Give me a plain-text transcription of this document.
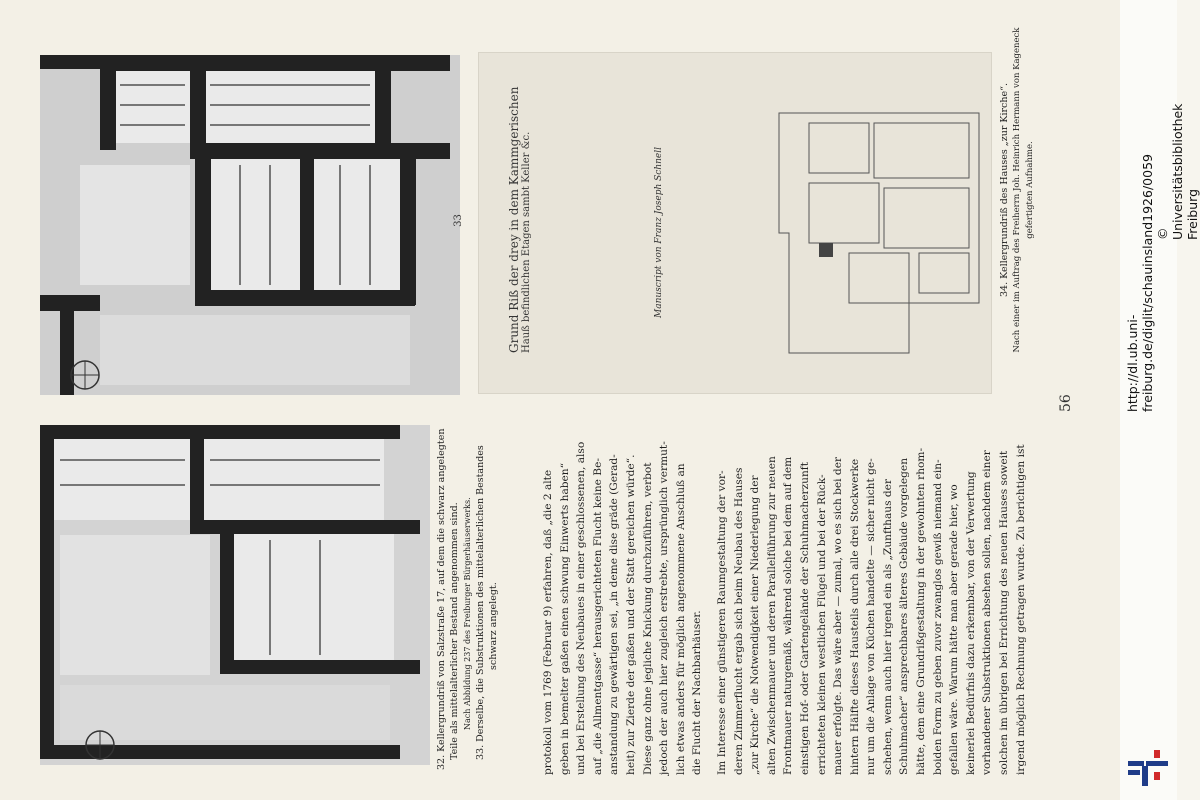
33
32. Kellergrundriß von Salzstraße 17, auf dem die schwarz angelegten Teile als mittelalterlicher Bestand angenommen sind. Nach Abbildung 237 des Freiburger Bürgerhäuserwerks. 33. Derselbe, die Substruktionen des mittelalterlichen Bestandes schwarz angelegt.
Grund Riß der drey in dem Kammgerischen Hauß befindlichen Etagen sambt Keller &c.	Manuscript von Franz Joseph Schnell	34. Kellergrundriß des Hauses „zur Kirche“. Nach einer im Auftrag des Freiherrn Joh. Heinrich Hermann von Kageneck gefertigten Aufnahme.
protokoll vom 1769 (Februar 9) erfahren, daß „die 2 alte geben in bemelter gaßen einen schwung Einwerts haben“ und bei Erstellung des Neubaues in einer geschlossenen, also auf „die Allmentgasse“ herausgerichteten Flucht keine Be- anstandung zu gewärtigen sei, „in deme dise gräde (Gerad- heit) zur Zierde der gaßen und der Statt gereichen würde“. Diese ganz ohne jegliche Knickung durchzuführen, verbot jedoch der auch hier zugleich erstrebte, ursprünglich vermut- lich etwas anders für möglich angenommene Anschluß an die Flucht der Nachbarhäuser. Im Interesse einer günstigeren Raumgestaltung der vor- deren Zimmerflucht ergab sich beim Neubau des Hauses „zur Kirche“ die Notwendigkeit einer Niederlegung der alten Zwischenmauer und deren Parallelführung zur neuen Frontmauer naturgemäß, während solche bei dem auf dem einstigen Hof- oder Gartengelände der Schuhmacherzunft errichteten kleinen westlichen Flügel und bei der Rück- mauer erfolgte. Das wäre aber — zumal, wo es sich bei der hintern Hälfte dieses Hausteils durch alle drei Stockwerke nur um die Anlage von Küchen handelte — sicher nicht ge- schehen, wenn auch hier irgend ein als „Zunfthaus der Schuhmacher“ ansprechbares älteres Gebäude vorgelegen hätte, dem eine Grundrißgestaltung in der gewohnten rhom- boiden Form zu geben zuvor zwanglos gewiß niemand ein- gefallen wäre. Warum hätte man aber gerade hier, wo keinerlei Bedürfnis dazu erkennbar, von der Verwertung vorhandener Substruktionen absehen sollen, nachdem einer solchen im übrigen bei Errichtung des neuen Hauses soweit irgend möglich Rechnung getragen wurde. Zu berichtigen ist
56	http://dl.ub.uni-freiburg.de/diglit/schauinsland1926/0059 © Universitätsbibliothek Freiburg
